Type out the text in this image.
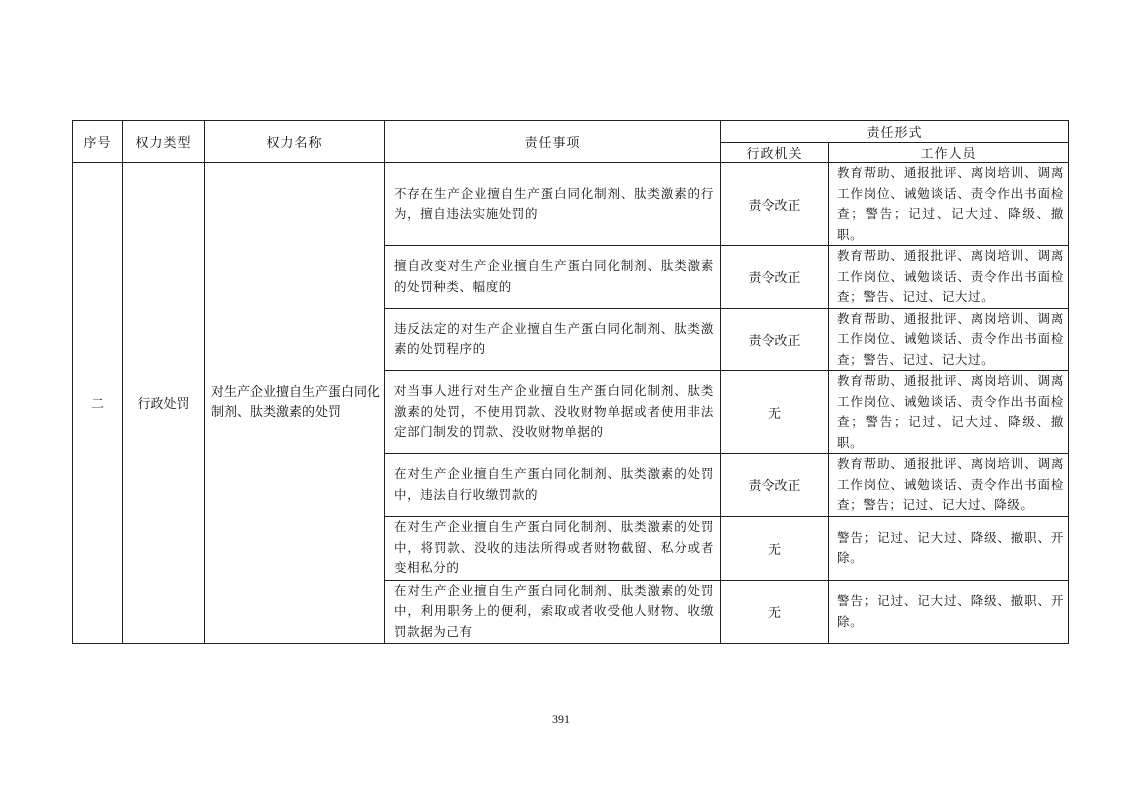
序号	权力类型	权力名称	责任事项	责任形式	
				行政机关	工作人员
二	行政处罚	对生产企业擅自生产蛋白同化制剂、肽类激素的处罚	不存在生产企业擅自生产蛋白同化制剂、肽类激素的行为，擅自违法实施处罚的	责令改正	教育帮助、通报批评、离岗培训、调离工作岗位、诫勉谈话、责令作出书面检查；警告；记过、记大过、降级、撤职。
			擅自改变对生产企业擅自生产蛋白同化制剂、肽类激素的处罚种类、幅度的	责令改正	教育帮助、通报批评、离岗培训、调离工作岗位、诫勉谈话、责令作出书面检查；警告、记过、记大过。
			违反法定的对生产企业擅自生产蛋白同化制剂、肽类激素的处罚程序的	责令改正	教育帮助、通报批评、离岗培训、调离工作岗位、诫勉谈话、责令作出书面检查；警告、记过、记大过。
			对当事人进行对生产企业擅自生产蛋白同化制剂、肽类激素的处罚，不使用罚款、没收财物单据或者使用非法定部门制发的罚款、没收财物单据的	无	教育帮助、通报批评、离岗培训、调离工作岗位、诫勉谈话、责令作出书面检查；警告；记过、记大过、降级、撤职。
			在对生产企业擅自生产蛋白同化制剂、肽类激素的处罚中，违法自行收缴罚款的	责令改正	教育帮助、通报批评、离岗培训、调离工作岗位、诫勉谈话、责令作出书面检查；警告；记过、记大过、降级。
			在对生产企业擅自生产蛋白同化制剂、肽类激素的处罚中，将罚款、没收的违法所得或者财物截留、私分或者变相私分的	无	警告；记过、记大过、降级、撤职、开除。
			在对生产企业擅自生产蛋白同化制剂、肽类激素的处罚中，利用职务上的便利，索取或者收受他人财物、收缴罚款据为己有	无	警告；记过、记大过、降级、撤职、开除。
391
